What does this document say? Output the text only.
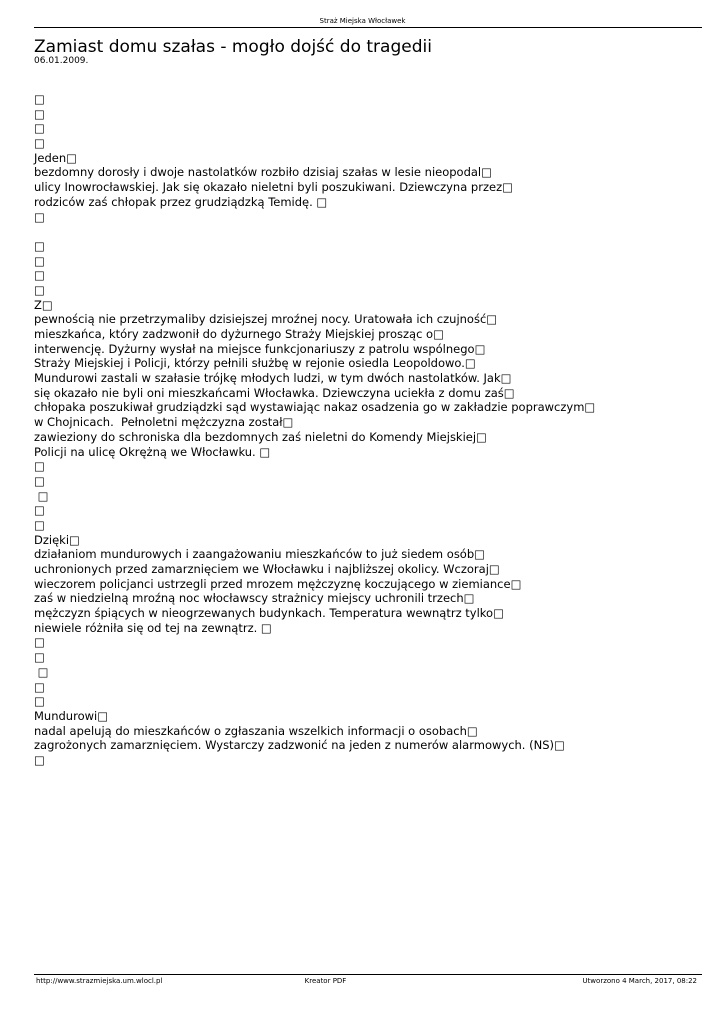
Straż Miejska Włocławek
Zamiast domu szałas - mogło dojść do tragedii
06.01.2009.
□
□
□
□
Jeden□
bezdomny dorosły i dwoje nastolatków rozbiło dzisiaj szałas w lesie nieopodal□
ulicy Inowrocławskiej. Jak się okazało nieletni byli poszukiwani. Dziewczyna przez□
rodziców zaś chłopak przez grudziądzką Temidę. □
□
□
□
□
□
Z□
pewnością nie przetrzymaliby dzisiejszej mroźnej nocy. Uratowała ich czujność□
mieszkańca, który zadzwonił do dyżurnego Straży Miejskiej prosząc o□
interwencję. Dyżurny wysłał na miejsce funkcjonariuszy z patrolu wspólnego□
Straży Miejskiej i Policji, którzy pełnili służbę w rejonie osiedla Leopoldowo.□
Mundurowi zastali w szałasie trójkę młodych ludzi, w tym dwóch nastolatków. Jak□
się okazało nie byli oni mieszkańcami Włocławka. Dziewczyna uciekła z domu zaś□
chłopaka poszukiwał grudziądzki sąd wystawiając nakaz osadzenia go w zakładzie poprawczym□
w Chojnicach.  Pełnoletni mężczyzna został□
zawieziony do schroniska dla bezdomnych zaś nieletni do Komendy Miejskiej□
Policji na ulicę Okrężną we Włocławku. □
□
□
□
□
□
Dzięki□
działaniom mundurowych i zaangażowaniu mieszkańców to już siedem osób□
uchronionych przed zamarznięciem we Włocławku i najbliższej okolicy. Wczoraj□
wieczorem policjanci ustrzegli przed mrozem mężczyznę koczującego w ziemiance□
zaś w niedzielną mroźną noc włocławscy strażnicy miejscy uchronili trzech□
mężczyzn śpiących w nieogrzewanych budynkach. Temperatura wewnątrz tylko□
niewiele różniła się od tej na zewnątrz. □
□
□
□
□
□
Mundurowi□
nadal apelują do mieszkańców o zgłaszania wszelkich informacji o osobach□
zagrożonych zamarznięciem. Wystarczy zadzwonić na jeden z numerów alarmowych. (NS)□
□
http://www.strazmiejska.um.wlocl.pl	Kreator PDF	Utworzono 4 March, 2017, 08:22
